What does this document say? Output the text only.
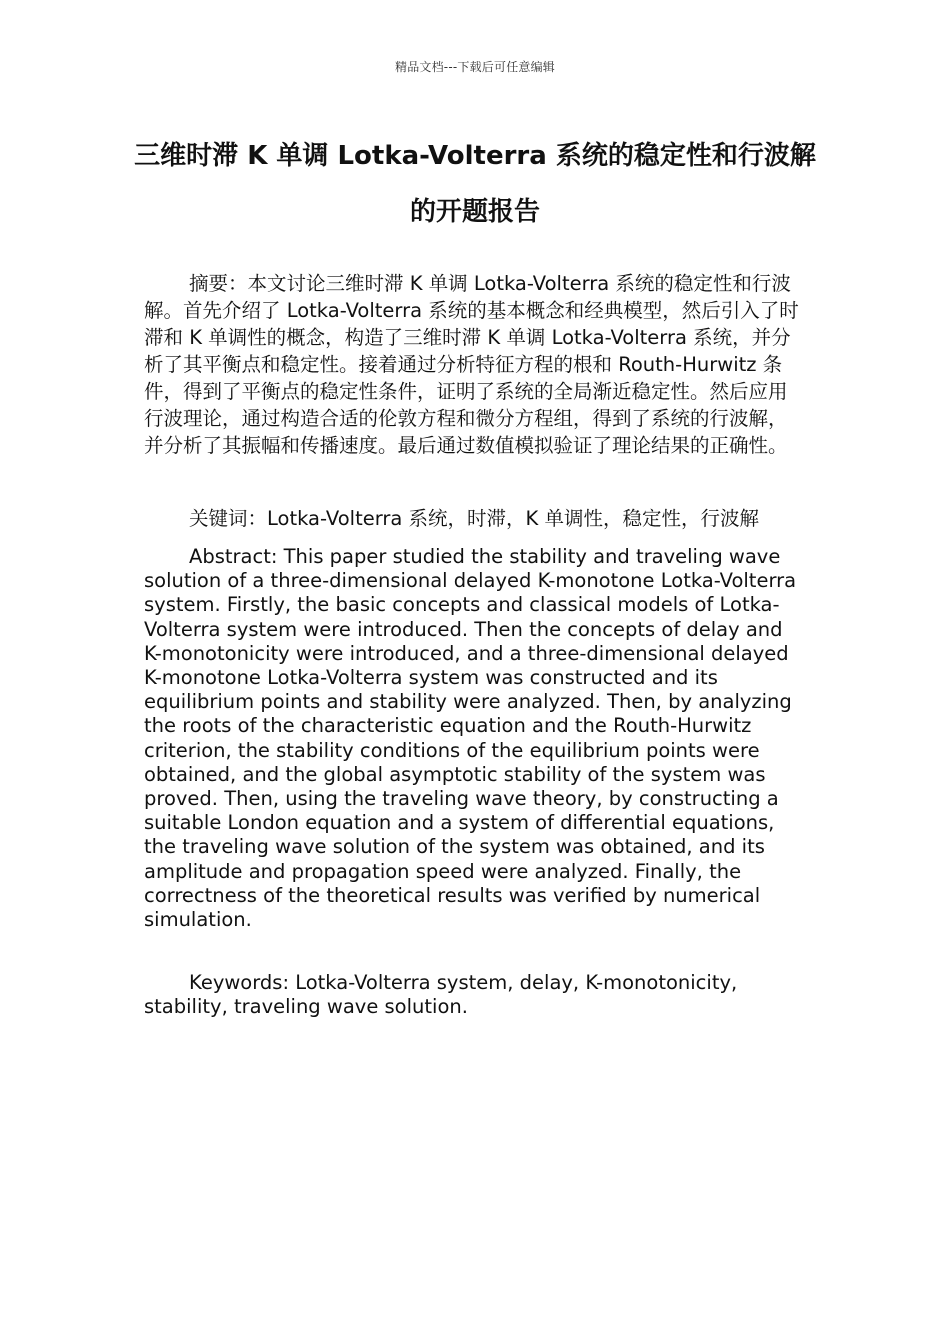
精品文档---下载后可任意编辑
三维时滞 K 单调 Lotka-Volterra 系统的稳定性和行波解的开题报告
摘要：本文讨论三维时滞 K 单调 Lotka-Volterra 系统的稳定性和行波解。首先介绍了 Lotka-Volterra 系统的基本概念和经典模型，然后引入了时滞和 K 单调性的概念，构造了三维时滞 K 单调 Lotka-Volterra 系统，并分析了其平衡点和稳定性。接着通过分析特征方程的根和 Routh-Hurwitz 条件，得到了平衡点的稳定性条件，证明了系统的全局渐近稳定性。然后应用行波理论，通过构造合适的伦敦方程和微分方程组，得到了系统的行波解，并分析了其振幅和传播速度。最后通过数值模拟验证了理论结果的正确性。
关键词：Lotka-Volterra 系统，时滞，K 单调性，稳定性，行波解
Abstract: This paper studied the stability and traveling wave solution of a three-dimensional delayed K-monotone Lotka-Volterra system. Firstly, the basic concepts and classical models of Lotka-Volterra system were introduced. Then the concepts of delay and K-monotonicity were introduced, and a three-dimensional delayed K-monotone Lotka-Volterra system was constructed and its equilibrium points and stability were analyzed. Then, by analyzing the roots of the characteristic equation and the Routh-Hurwitz criterion, the stability conditions of the equilibrium points were obtained, and the global asymptotic stability of the system was proved. Then, using the traveling wave theory, by constructing a suitable London equation and a system of differential equations, the traveling wave solution of the system was obtained, and its amplitude and propagation speed were analyzed. Finally, the correctness of the theoretical results was verified by numerical simulation.
Keywords: Lotka-Volterra system, delay, K-monotonicity, stability, traveling wave solution.
